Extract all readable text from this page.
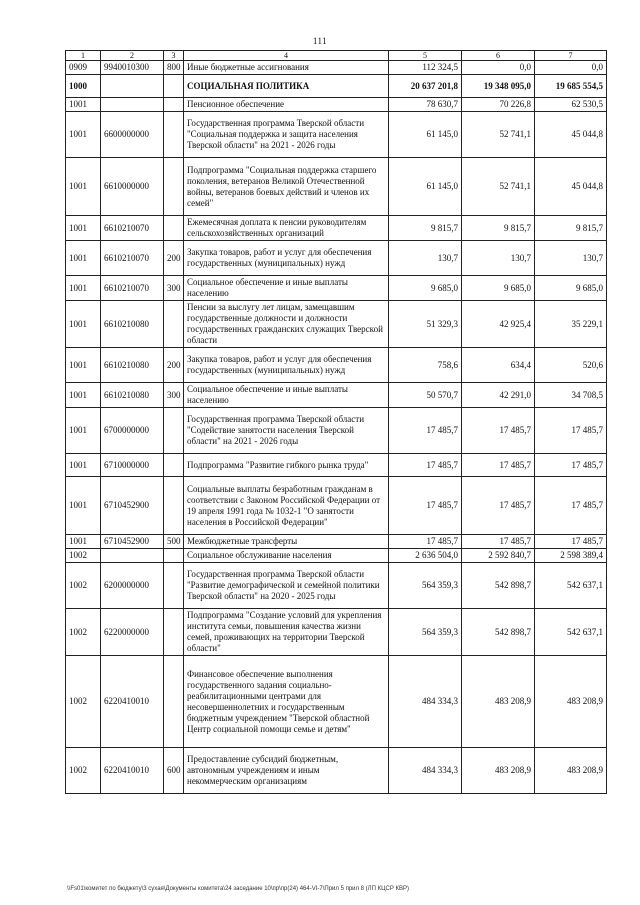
111
1	2	3	4	5	6	7
0909	9940010300	800	Иные бюджетные ассигнования	112 324,5	0,0	0,0
1000			СОЦИАЛЬНАЯ ПОЛИТИКА	20 637 201,8	19 348 095,0	19 685 554,5
1001			Пенсионное обеспечение	78 630,7	70 226,8	62 530,5
1001	6600000000		Государственная программа Тверской области "Социальная поддержка и защита населения Тверской области" на 2021 - 2026 годы	61 145,0	52 741,1	45 044,8
1001	6610000000		Подпрограмма "Социальная поддержка старшего поколения, ветеранов Великой Отечественной войны, ветеранов боевых действий и членов их семей"	61 145,0	52 741,1	45 044,8
1001	6610210070		Ежемесячная доплата к пенсии руководителям сельскохозяйственных организаций	9 815,7	9 815,7	9 815,7
1001	6610210070	200	Закупка товаров, работ и услуг для обеспечения государственных (муниципальных) нужд	130,7	130,7	130,7
1001	6610210070	300	Социальное обеспечение и иные выплаты населению	9 685,0	9 685,0	9 685,0
1001	6610210080		Пенсии за выслугу лет лицам, замещавшим государственные должности и должности государственных гражданских служащих Тверской области	51 329,3	42 925,4	35 229,1
1001	6610210080	200	Закупка товаров, работ и услуг для обеспечения государственных (муниципальных) нужд	758,6	634,4	520,6
1001	6610210080	300	Социальное обеспечение и иные выплаты населению	50 570,7	42 291,0	34 708,5
1001	6700000000		Государственная программа Тверской области "Содействие занятости населения Тверской области" на 2021 - 2026 годы	17 485,7	17 485,7	17 485,7
1001	6710000000		Подпрограмма "Развитие гибкого рынка труда"	17 485,7	17 485,7	17 485,7
1001	6710452900		Социальные выплаты безработным гражданам в соответствии с Законом Российской Федерации от 19 апреля 1991 года № 1032-1 "О занятости населения в Российской Федерации"	17 485,7	17 485,7	17 485,7
1001	6710452900	500	Межбюджетные трансферты	17 485,7	17 485,7	17 485,7
1002			Социальное обслуживание населения	2 636 504,0	2 592 840,7	2 598 389,4
1002	6200000000		Государственная программа Тверской области "Развитие демографической и семейной политики Тверской области" на 2020 - 2025 годы	564 359,3	542 898,7	542 637,1
1002	6220000000		Подпрограмма "Создание условий для укрепления института семьи, повышения качества жизни семей, проживающих на территории Тверской области"	564 359,3	542 898,7	542 637,1
1002	6220410010		Финансовое обеспечение выполнения государственного задания социально-реабилитационными центрами для несовершеннолетних и государственным бюджетным учреждением "Тверской областной Центр социальной помощи семье и детям"	484 334,3	483 208,9	483 208,9
1002	6220410010	600	Предоставление субсидий бюджетным, автономным учреждениям и иным некоммерческим организациям	484 334,3	483 208,9	483 208,9
\\Fs01\комитет по бюджету\3 сухая\Документы комитета\24 заседание 10\пр\пр(24) 464-VI-7\Прил 5 прил 8 (ЛП КЦСР КВР)
